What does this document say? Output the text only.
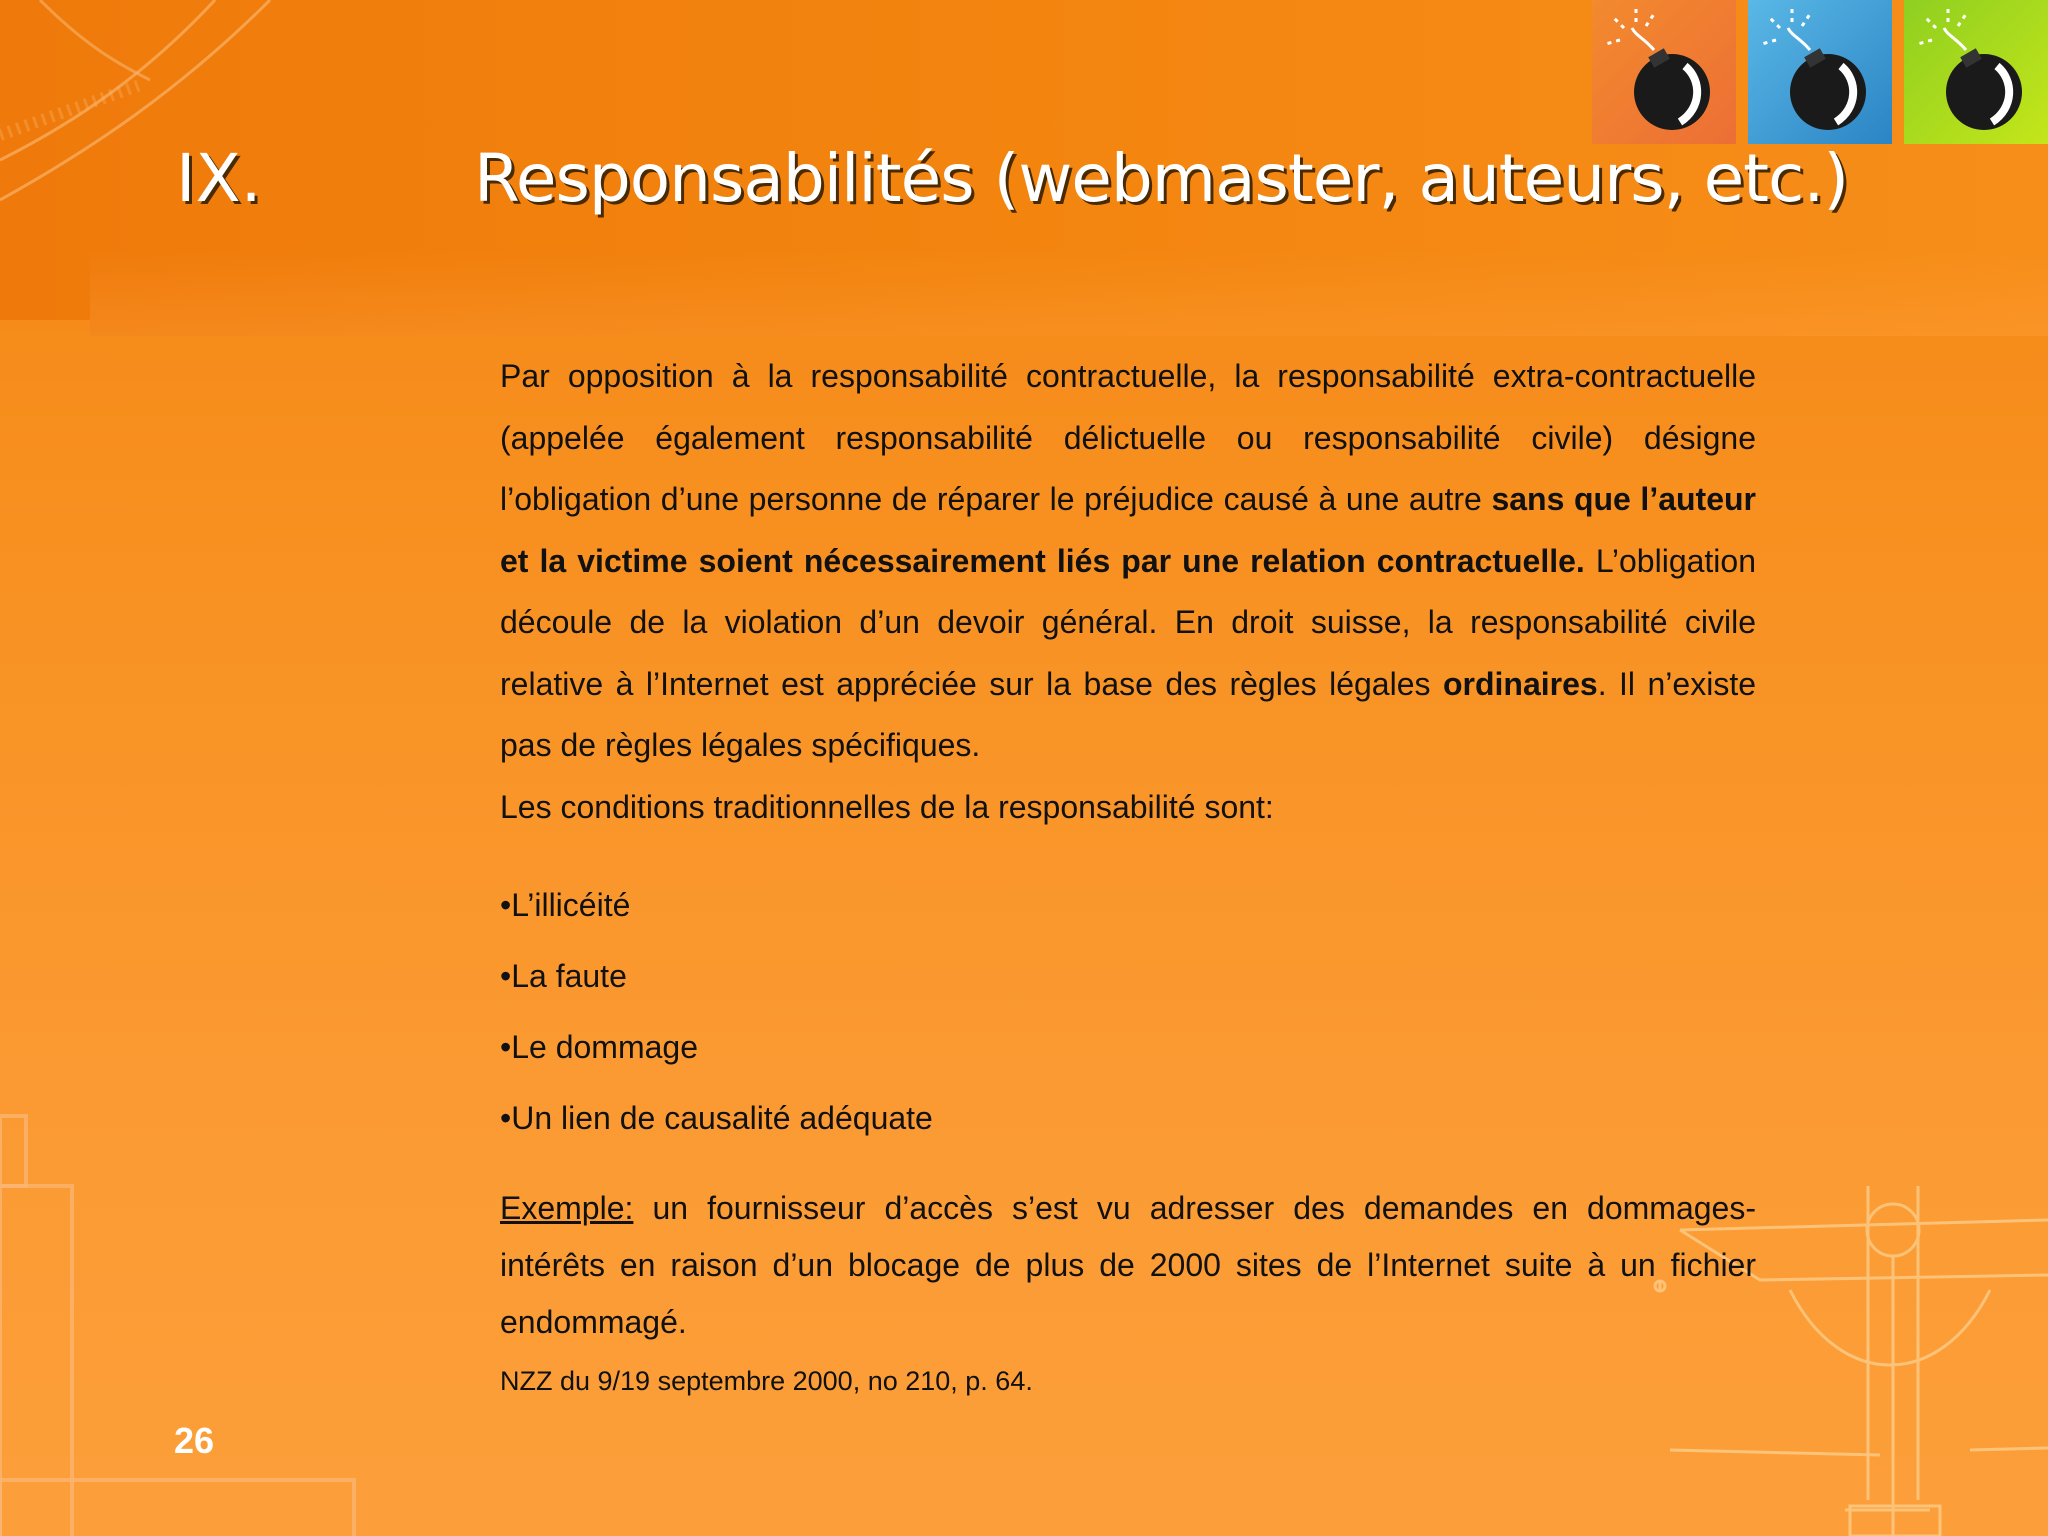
IX.	Responsabilités (webmaster, auteurs, etc.)

Par opposition à la responsabilité contractuelle, la responsabilité extra-contractuelle (appelée également responsabilité délictuelle ou responsabilité civile) désigne l’obligation d’une personne de réparer le préjudice causé à une autre sans que l’auteur et la victime soient nécessairement liés par une relation contractuelle. L’obligation découle de la violation d’un devoir général. En droit suisse, la responsabilité civile relative à l’Internet est appréciée sur la base des règles légales ordinaires. Il n’existe pas de règles légales spécifiques.

Les conditions traditionnelles de la responsabilité sont:

•L’illicéité

•La faute

•Le dommage

•Un lien de causalité adéquate

Exemple: un fournisseur d’accès s’est vu adresser des demandes en dommages-intérêts en raison d’un blocage de plus de 2000 sites de l’Internet suite à un fichier endommagé.
NZZ du 9/19 septembre 2000, no 210, p. 64.
26
